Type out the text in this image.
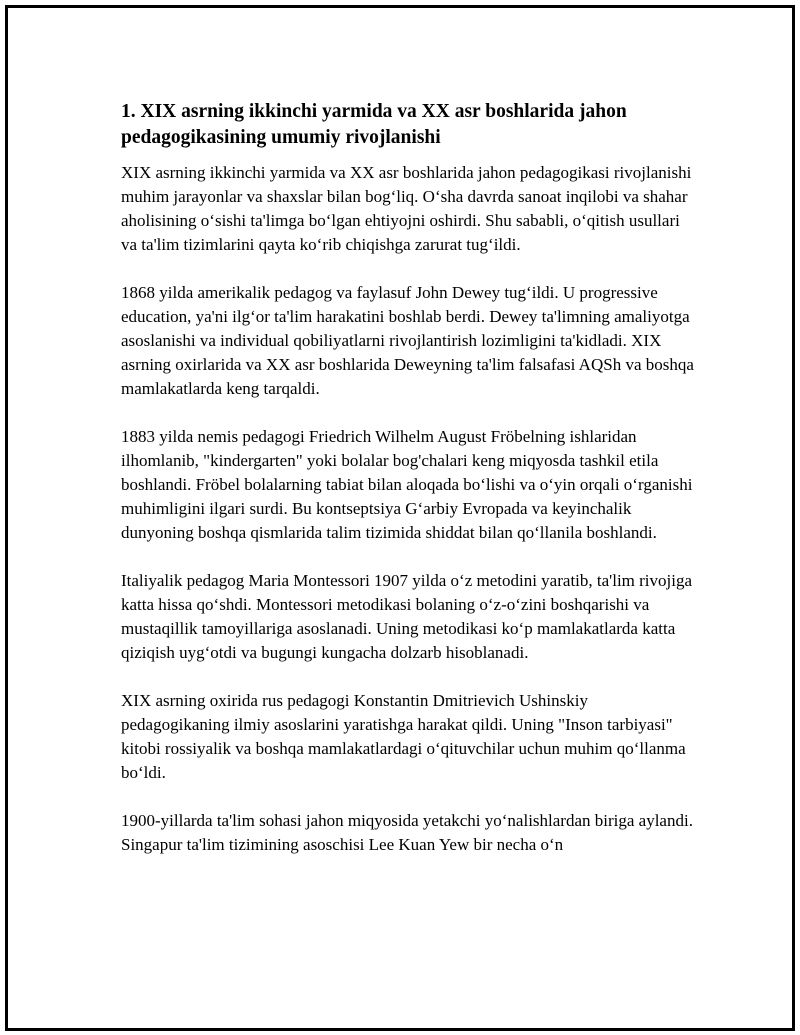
1. XIX asrning ikkinchi yarmida va XX asr boshlarida jahon pedagogikasining umumiy rivojlanishi

XIX asrning ikkinchi yarmida va XX asr boshlarida jahon pedagogikasi rivojlanishi muhim jarayonlar va shaxslar bilan bog‘liq. O‘sha davrda sanoat inqilobi va shahar aholisining o‘sishi ta'limga bo‘lgan ehtiyojni oshirdi. Shu sababli, o‘qitish usullari va ta'lim tizimlarini qayta ko‘rib chiqishga zarurat tug‘ildi.

1868 yilda amerikalik pedagog va faylasuf John Dewey tug‘ildi. U progressive education, ya'ni ilg‘or ta'lim harakatini boshlab berdi. Dewey ta'limning amaliyotga asoslanishi va individual qobiliyatlarni rivojlantirish lozimligini ta'kidladi. XIX asrning oxirlarida va XX asr boshlarida Deweyning ta'lim falsafasi AQSh va boshqa mamlakatlarda keng tarqaldi.

1883 yilda nemis pedagogi Friedrich Wilhelm August Fröbelning ishlaridan ilhomlanib, "kindergarten" yoki bolalar bog'chalari keng miqyosda tashkil etila boshlandi. Fröbel bolalarning tabiat bilan aloqada bo‘lishi va o‘yin orqali o‘rganishi muhimligini ilgari surdi. Bu kontseptsiya G‘arbiy Evropada va keyinchalik dunyoning boshqa qismlarida talim tizimida shiddat bilan qo‘llanila boshlandi.

Italiyalik pedagog Maria Montessori 1907 yilda o‘z metodini yaratib, ta'lim rivojiga katta hissa qo‘shdi. Montessori metodikasi bolaning o‘z-o‘zini boshqarishi va mustaqillik tamoyillariga asoslanadi. Uning metodikasi ko‘p mamlakatlarda katta qiziqish uyg‘otdi va bugungi kungacha dolzarb hisoblanadi.

XIX asrning oxirida rus pedagogi Konstantin Dmitrievich Ushinskiy pedagogikaning ilmiy asoslarini yaratishga harakat qildi. Uning "Inson tarbiyasi" kitobi rossiyalik va boshqa mamlakatlardagi o‘qituvchilar uchun muhim qo‘llanma bo‘ldi.

1900-yillarda ta'lim sohasi jahon miqyosida yetakchi yo‘nalishlardan biriga aylandi. Singapur ta'lim tizimining asoschisi Lee Kuan Yew bir necha o‘n
